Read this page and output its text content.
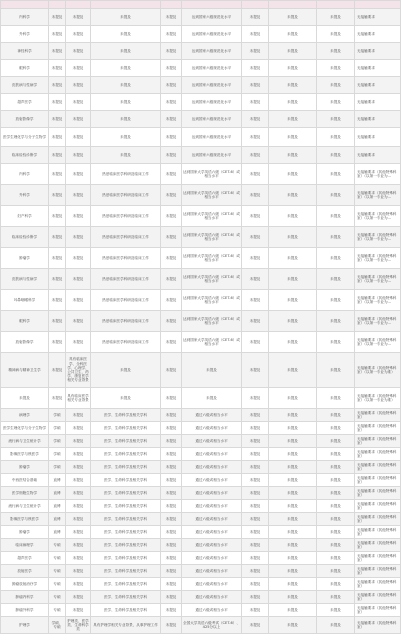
内科学	未提及	未提及	未提及	未提及	达到国家六级规范化水平	未提及	未提及	未提及	无接触要求
外科学	未提及	未提及	未提及	未提及	达到国家六级规范化水平	未提及	未提及	未提及	无接触要求
神经科学	未提及	未提及	未提及	未提及	达到国家六级规范化水平	未提及	未提及	未提及	无接触要求
眼科学	未提及	未提及	未提及	未提及	达到国家六级规范化水平	未提及	未提及	未提及	无接触要求
皮肤病与性病学	未提及	未提及	未提及	未提及	达到国家六级规范化水平	未提及	未提及	未提及	无接触要求
超声医学	未提及	未提及	未提及	未提及	达到国家六级规范化水平	未提及	未提及	未提及	无接触要求
放射影像学	未提及	未提及	未提及	未提及	达到国家六级规范化水平	未提及	未提及	未提及	无接触要求
医学生理化学与分子生物学	未提及	未提及	未提及	未提及	达到国家六级规范化水平	未提及	未提及	未提及	无接触要求
临床检验诊断学	未提及	未提及	未提及	未提及	达到国家六级规范化水平	未提及	未提及	未提及	无接触要求
内科学	未提及	未提及	热爱临床医学科研及临床工作	未提及	达到国家大学英语六级（CET-6）或相当水平	未提及	未提及	未提及	无接触要求（其他特殊科室）（以第一专业为…
外科学	未提及	未提及	热爱临床医学科研及临床工作	未提及	达到国家大学英语六级（CET-6）或相当水平	未提及	未提及	未提及	无接触要求（其他特殊科室）（以第一专业为…
妇产科学	未提及	未提及	热爱临床医学科研及临床工作	未提及	达到国家大学英语六级（CET-6）或相当水平	未提及	未提及	未提及	无接触要求（其他特殊科室）（以第一专业为…
临床检验诊断学	未提及	未提及	热爱临床医学科研及临床工作	未提及	达到国家大学英语六级（CET-6）或相当水平	未提及	未提及	未提及	无接触要求（其他特殊科室）（以第一专业为…
肿瘤学	未提及	未提及	热爱临床医学科研及临床工作	未提及	达到国家大学英语六级（CET-6）或相当水平	未提及	未提及	未提及	无接触要求（其他特殊科室）（以第一专业为…
皮肤病与性病学	未提及	未提及	热爱临床医学科研及临床工作	未提及	达到国家大学英语六级（CET-6）或相当水平	未提及	未提及	未提及	无接触要求（其他特殊科室）（以第一专业为…
耳鼻咽喉科学	未提及	未提及	热爱临床医学科研及临床工作	未提及	达到国家大学英语六级（CET-6）或相当水平	未提及	未提及	未提及	无接触要求（其他特殊科室）（以第一专业为…
眼科学	未提及	未提及	热爱临床医学科研及临床工作	未提及	达到国家大学英语六级（CET-6）或相当水平	未提及	未提及	未提及	无接触要求（其他特殊科室）（以第一专业为…
放射影像学	未提及	未提及	热爱临床医学科研及临床工作	未提及	达到国家大学英语六级（CET-6）或相当水平	未提及	未提及	未提及	无接触要求（其他特殊科室）（以第一专业为…
精神病与精神卫生学	未提及	具有临床医学、全科医学、心理学、公共卫生、药学、康复医学相关专业背景	未提及	未提及	未提及	未提及	未提及	未提及	无接触要求（其他特殊科室）（以第一专业为准）
未提及	未提及	具有临床医学相关专业背景	未提及	未提及	未提及	未提及	未提及	未提及	无接触要求（其他特殊科室）（以第一专业为准）
病理学	学硕	未提及	医学、生命科学及相关学科	未提及	通过六级或相当水平	未提及	未提及	未提及	无接触要求（其他特殊科室）
医学生理化学与分子生物学	学硕	未提及	医学、生命科学及相关学科	未提及	通过六级或相当水平	未提及	未提及	未提及	无接触要求（其他特殊科室）
流行病与卫生统计学	学硕	未提及	医学、生命科学及相关学科	未提及	通过六级或相当水平	未提及	未提及	未提及	无接触要求（其他特殊科室）
影像医学与核医学	学硕	未提及	医学、生命科学及相关学科	未提及	通过六级或相当水平	未提及	未提及	未提及	无接触要求（其他特殊科室）
肿瘤学	学硕	未提及	医学、生命科学及相关学科	未提及	通过六级或相当水平	未提及	未提及	未提及	无接触要求（其他特殊科室）
中西医结合基础	直博	未提及	医学、生命科学及相关学科	未提及	通过六级或相当水平	未提及	未提及	未提及	无接触要求（其他特殊科室）
医学细胞生物学	直博	未提及	医学、生命科学及相关学科	未提及	通过六级或相当水平	未提及	未提及	未提及	无接触要求（其他特殊科室）
流行病与卫生统计学	直博	未提及	医学、生命科学及相关学科	未提及	通过六级或相当水平	未提及	未提及	未提及	无接触要求（其他特殊科室）
影像医学与核医学	直博	未提及	医学、生命科学及相关学科	未提及	通过六级或相当水平	未提及	未提及	未提及	无接触要求（其他特殊科室）
肿瘤学	直博	未提及	医学、生命科学及相关学科	未提及	通过六级或相当水平	未提及	未提及	未提及	无接触要求（其他特殊科室）
临床病理学	专硕	未提及	医学、生命科学及相关学科	未提及	通过六级或相当水平	未提及	未提及	未提及	无接触要求（其他特殊科室）
超声医学	专硕	未提及	医学、生命科学及相关学科	未提及	通过六级或相当水平	未提及	未提及	未提及	无接触要求（其他特殊科室）
放射医学	专硕	未提及	医学、生命科学及相关学科	未提及	通过六级或相当水平	未提及	未提及	未提及	无接触要求（其他特殊科室）
肿瘤放射治疗学	专硕	未提及	医学、生命科学及相关学科	未提及	通过六级或相当水平	未提及	未提及	未提及	无接触要求（其他特殊科室）
肿瘤内科学	专硕	未提及	医学、生命科学及相关学科	未提及	通过六级或相当水平	未提及	未提及	未提及	无接触要求（其他特殊科室）
肿瘤外科学	专硕	未提及	医学、生命科学及相关学科	未提及	通过六级或相当水平	未提及	未提及	未提及	无接触要求（其他特殊科室）
护理学	学硕、专硕	护理类、医学类、生命科学类	具有护理学相关专业背景，从事护理工作	未提及	全国大学英语六级考试（CET-6）、425分以上	未提及	未提及	未提及	无接触要求（其他特殊科室）
